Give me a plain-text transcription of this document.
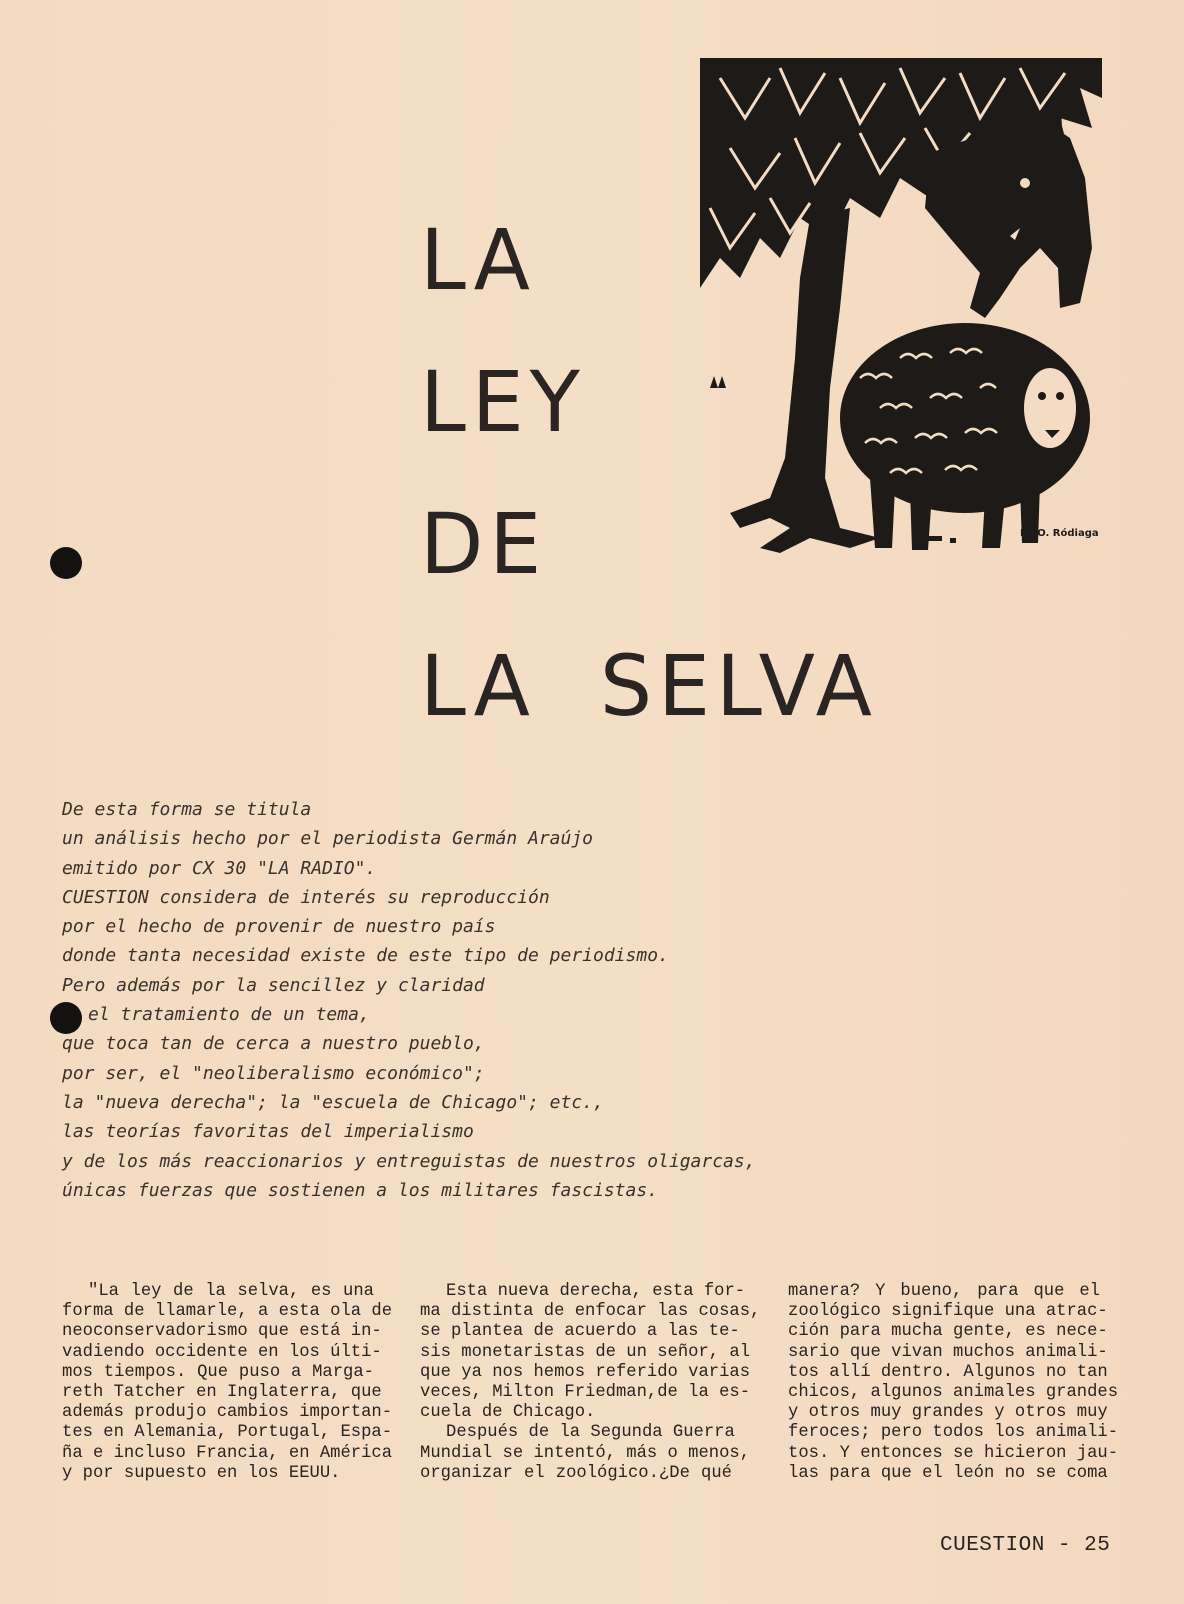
LA
LEY
DE
LA  SELVA
M. O. Ródiaga
De esta forma se titula
un análisis hecho por el periodista Germán Araújo
emitido por CX 30 "LA RADIO".
CUESTION considera de interés su reproducción
por el hecho de provenir de nuestro país
donde tanta necesidad existe de este tipo de periodismo.
Pero además por la sencillez y claridad
el tratamiento de un tema,
que toca tan de cerca a nuestro pueblo,
por ser, el "neoliberalismo económico";
la "nueva derecha"; la "escuela de Chicago"; etc.,
las teorías favoritas del imperialismo
y de los más reaccionarios y entreguistas de nuestros oligarcas,
únicas fuerzas que sostienen a los militares fascistas.
"La ley de la selva, es una
forma de llamarle, a esta ola de
neoconservadorismo que está in-
vadiendo occidente en los últi-
mos tiempos. Que puso a Marga-
reth Tatcher en Inglaterra, que
además produjo cambios importan-
tes en Alemania, Portugal, Espa-
ña e incluso Francia, en América
y por supuesto en los EEUU.
Esta nueva derecha, esta for-
ma distinta de enfocar las cosas,
se plantea de acuerdo a las te-
sis monetaristas de un señor, al
que ya nos hemos referido varias
veces, Milton Friedman,de la es-
cuela de Chicago.
Después de la Segunda Guerra
Mundial se intentó, más o menos,
organizar el zoológico.¿De qué
manera? Y bueno, para que el
zoológico signifique una atrac-
ción para mucha gente, es nece-
sario que vivan muchos animali-
tos allí dentro. Algunos no tan
chicos, algunos animales grandes
y otros muy grandes y otros muy
feroces; pero todos los animali-
tos. Y entonces se hicieron jau-
las para que el león no se coma
CUESTION - 25
